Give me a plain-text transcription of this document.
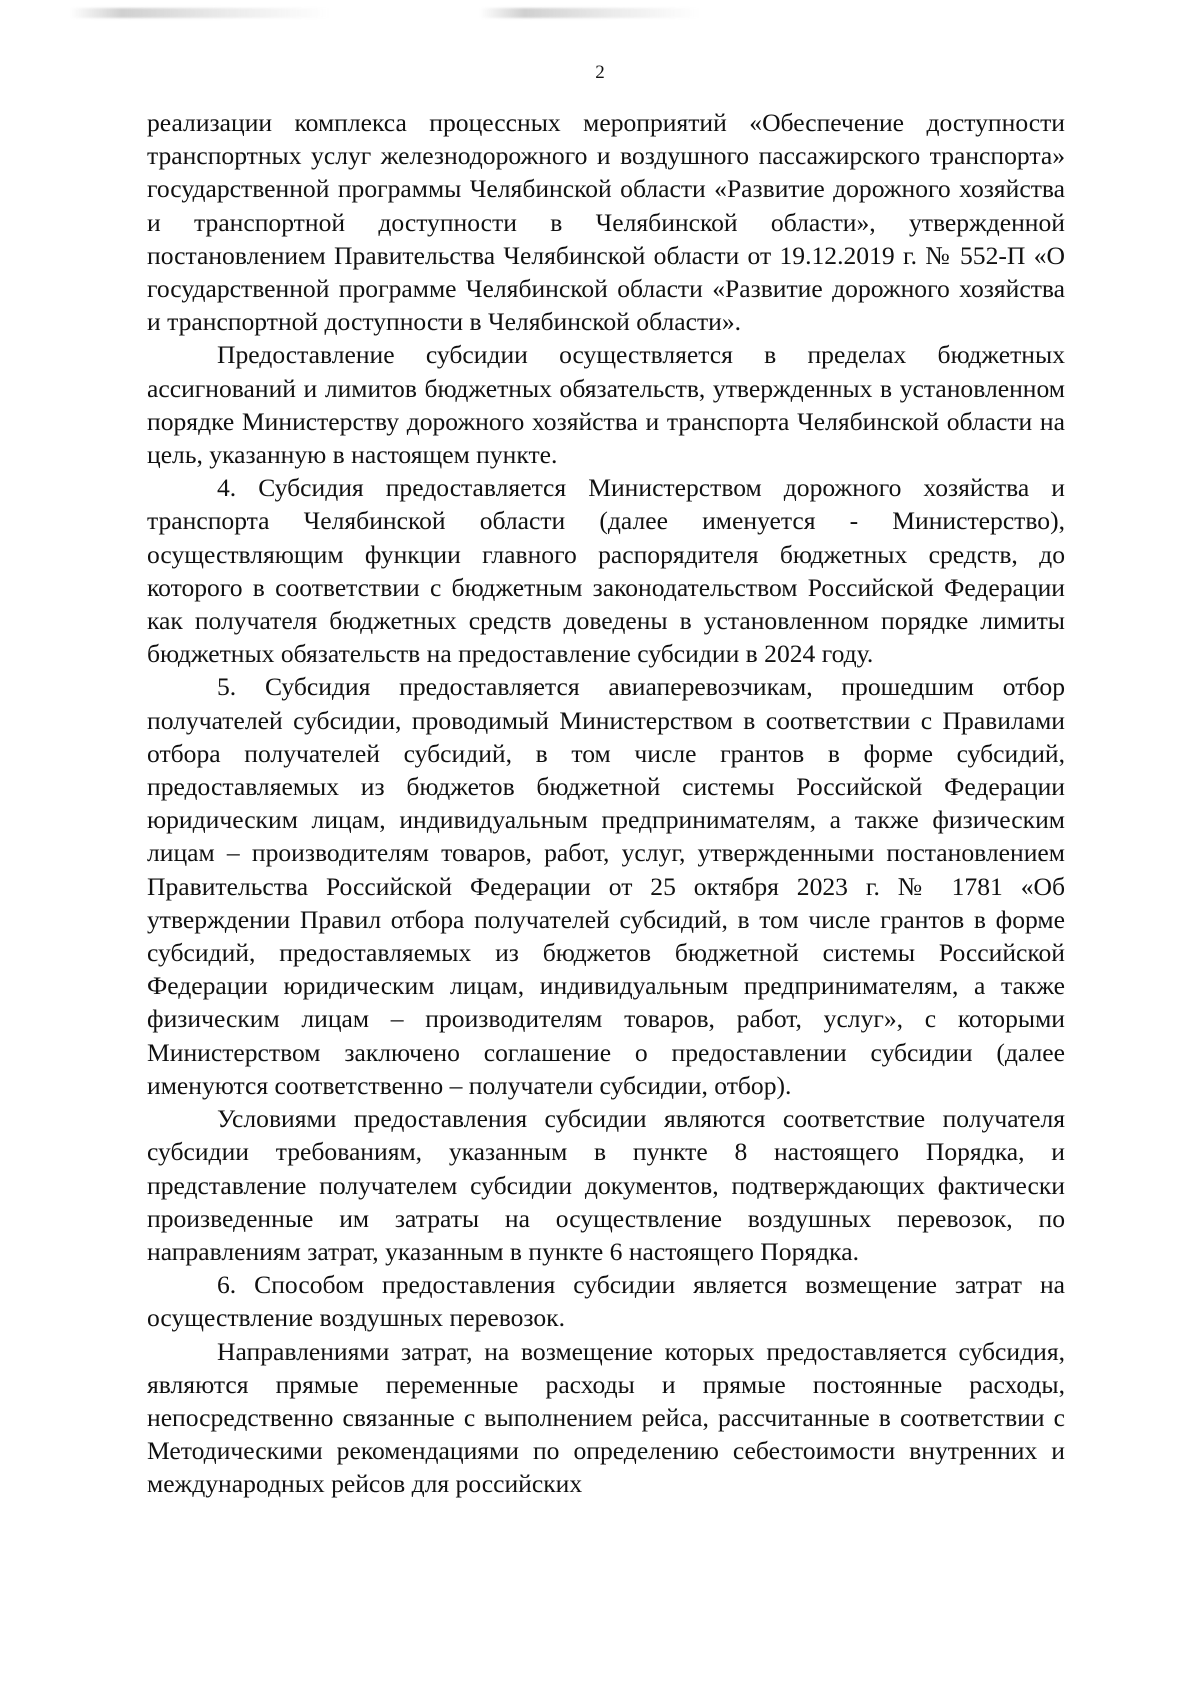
2

реализации комплекса процессных мероприятий «Обеспечение доступности транспортных услуг железнодорожного и воздушного пассажирского транспорта» государственной программы Челябинской области «Развитие дорожного хозяйства и транспортной доступности в Челябинской области», утвержденной постановлением Правительства Челябинской области от 19.12.2019 г. № 552-П «О государственной программе Челябинской области «Развитие дорожного хозяйства и транспортной доступности в Челябинской области».

Предоставление субсидии осуществляется в пределах бюджетных ассигнований и лимитов бюджетных обязательств, утвержденных в установленном порядке Министерству дорожного хозяйства и транспорта Челябинской области на цель, указанную в настоящем пункте.

4. Субсидия предоставляется Министерством дорожного хозяйства и транспорта Челябинской области (далее именуется - Министерство), осуществляющим функции главного распорядителя бюджетных средств, до которого в соответствии с бюджетным законодательством Российской Федерации как получателя бюджетных средств доведены в установленном порядке лимиты бюджетных обязательств на предоставление субсидии в 2024 году.

5. Субсидия предоставляется авиаперевозчикам, прошедшим отбор получателей субсидии, проводимый Министерством в соответствии с Правилами отбора получателей субсидий, в том числе грантов в форме субсидий, предоставляемых из бюджетов бюджетной системы Российской Федерации юридическим лицам, индивидуальным предпринимателям, а также физическим лицам – производителям товаров, работ, услуг, утвержденными постановлением Правительства Российской Федерации от 25 октября 2023 г. № 1781 «Об утверждении Правил отбора получателей субсидий, в том числе грантов в форме субсидий, предоставляемых из бюджетов бюджетной системы Российской Федерации юридическим лицам, индивидуальным предпринимателям, а также физическим лицам – производителям товаров, работ, услуг», с которыми Министерством заключено соглашение о предоставлении субсидии (далее именуются соответственно – получатели субсидии, отбор).

Условиями предоставления субсидии являются соответствие получателя субсидии требованиям, указанным в пункте 8 настоящего Порядка, и представление получателем субсидии документов, подтверждающих фактически произведенные им затраты на осуществление воздушных перевозок, по направлениям затрат, указанным в пункте 6 настоящего Порядка.

6. Способом предоставления субсидии является возмещение затрат на осуществление воздушных перевозок.

Направлениями затрат, на возмещение которых предоставляется субсидия, являются прямые переменные расходы и прямые постоянные расходы, непосредственно связанные с выполнением рейса, рассчитанные в соответствии с Методическими рекомендациями по определению себестоимости внутренних и международных рейсов для российских
